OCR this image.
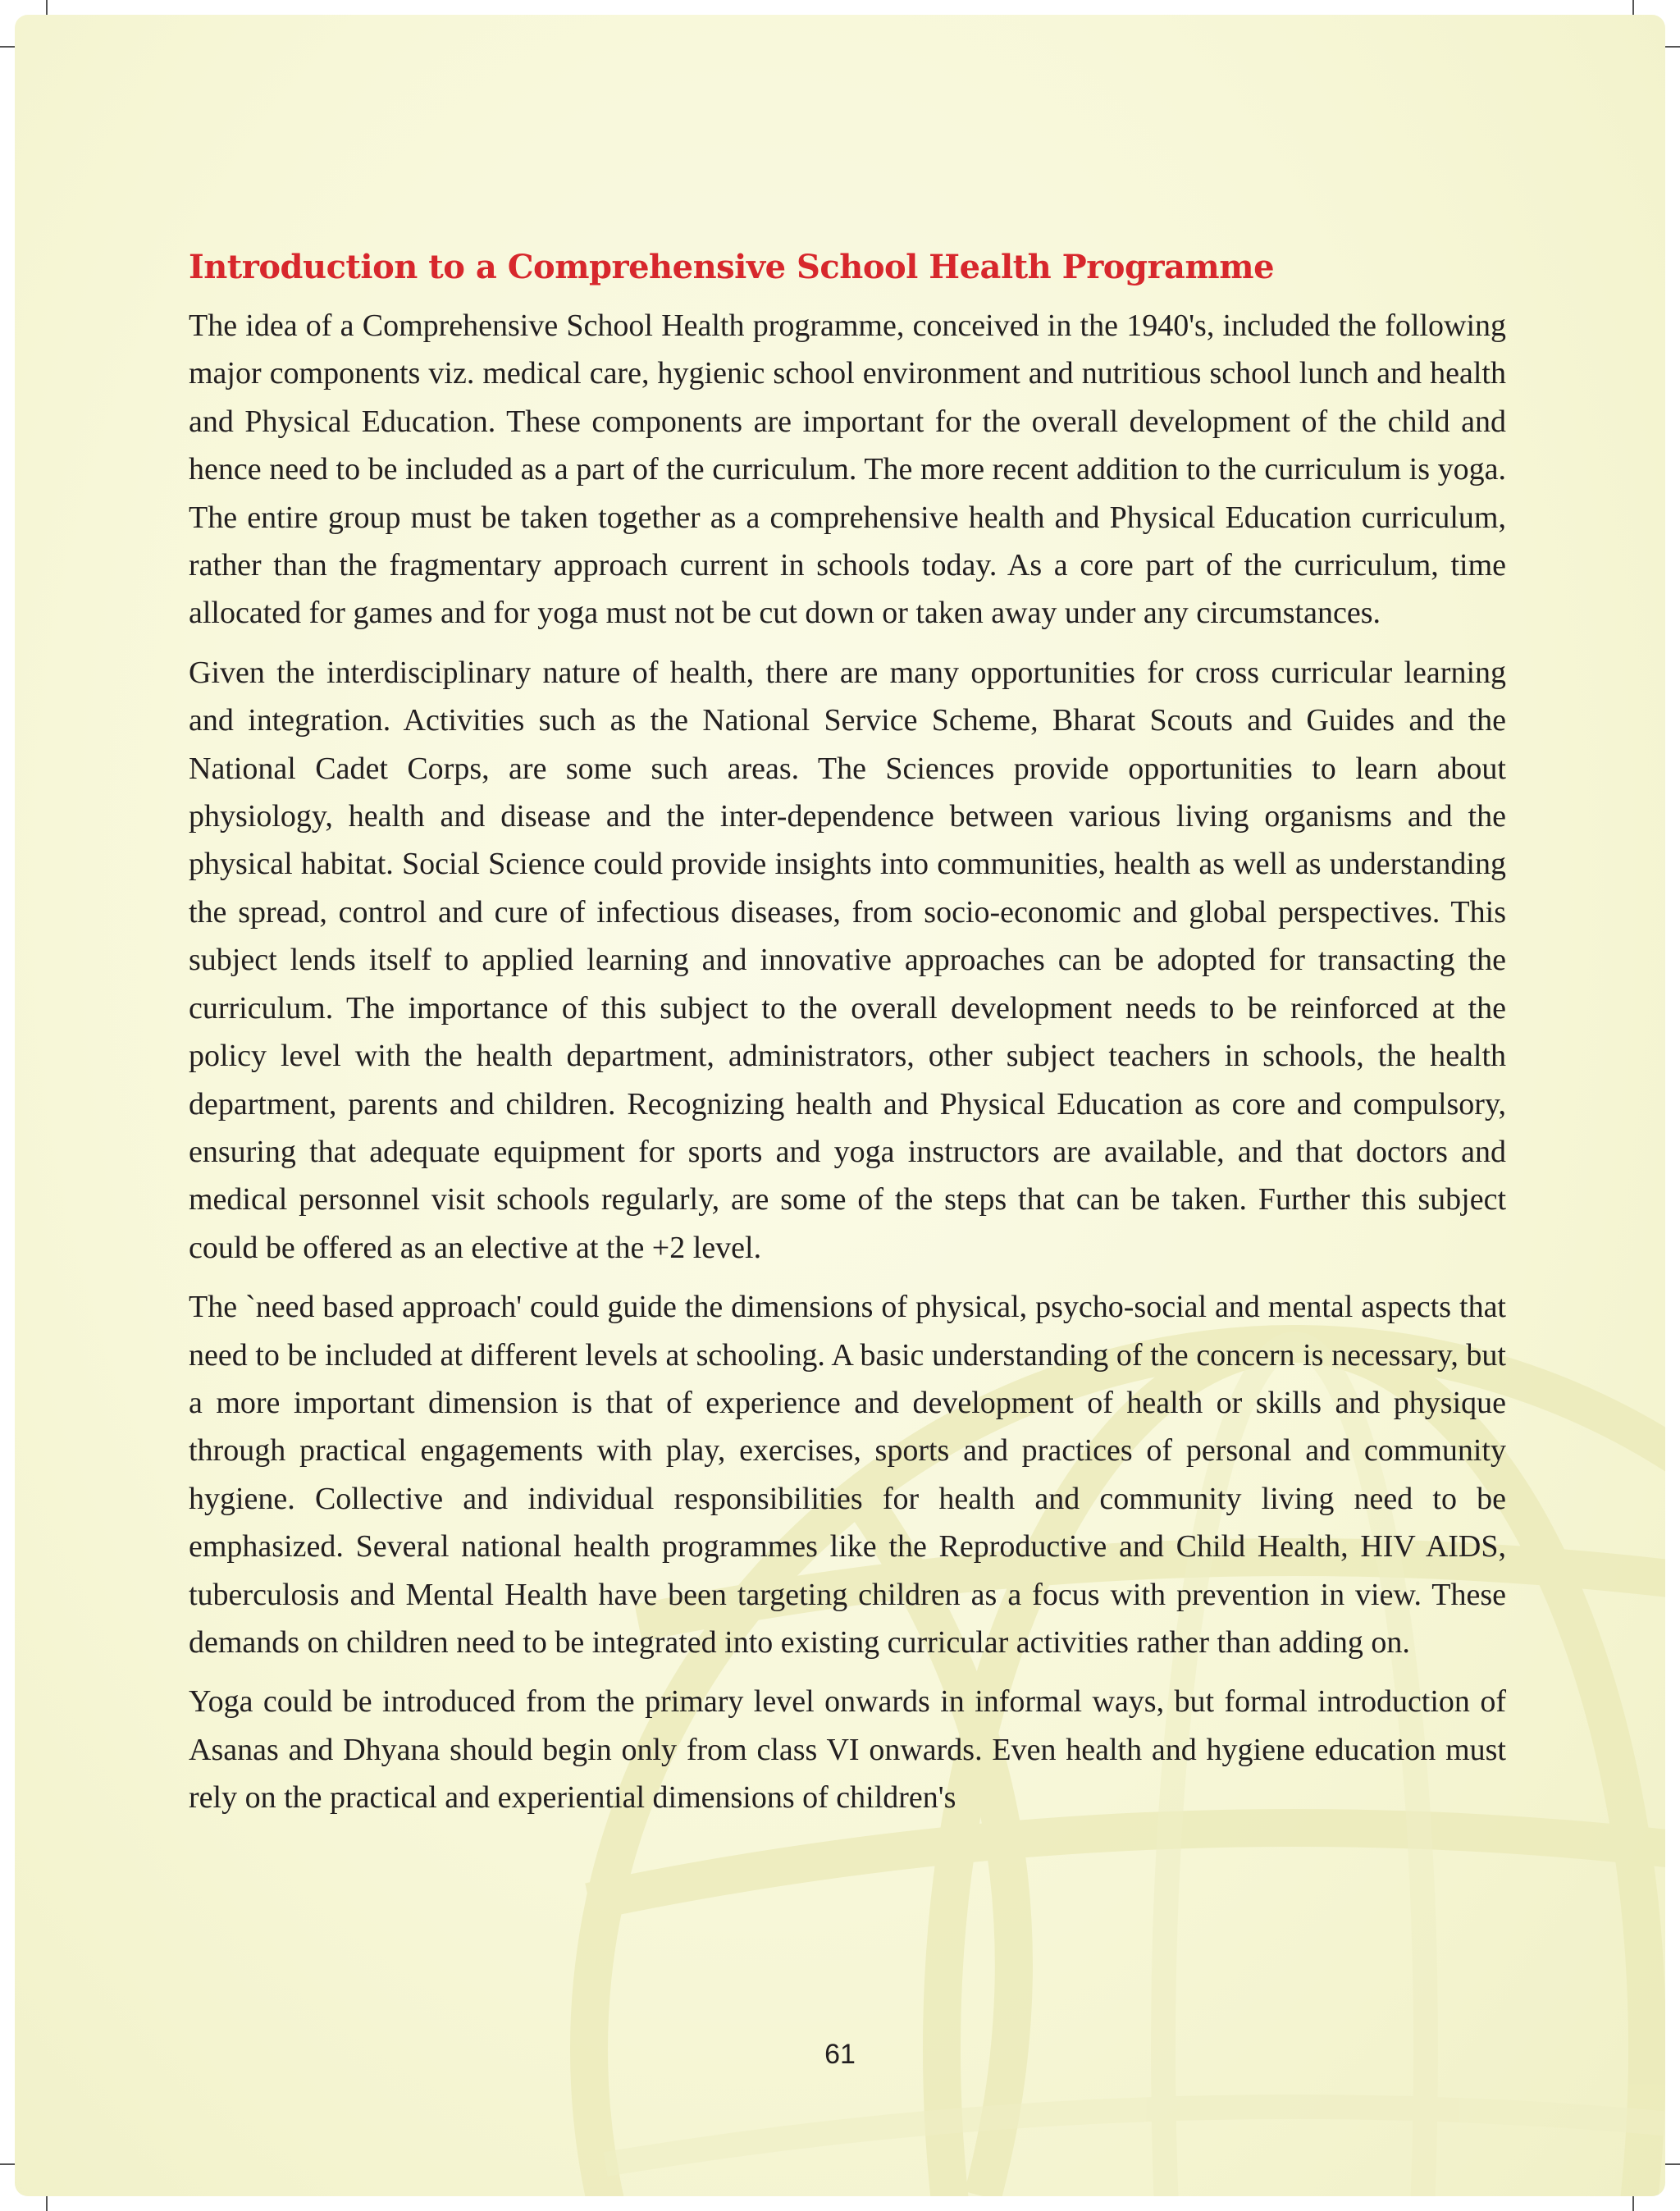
Introduction to a Comprehensive School Health Programme

The idea of a Comprehensive School Health programme, conceived in the 1940's, included the following major components viz. medical care, hygienic school environment and nutritious school lunch and health and Physical Education. These components are important for the overall development of the child and hence need to be included as a part of the curriculum. The more recent addition to the curriculum is yoga. The entire group must be taken together as a comprehensive health and Physical Education curriculum, rather than the fragmentary approach current in schools today. As a core part of the curriculum, time allocated for games and for yoga must not be cut down or taken away under any circumstances.

Given the interdisciplinary nature of health, there are many opportunities for cross curricular learning and integration. Activities such as the National Service Scheme, Bharat Scouts and Guides and the National Cadet Corps, are some such areas. The Sciences provide opportunities to learn about physiology, health and disease and the inter-dependence between various living organisms and the physical habitat. Social Science could provide insights into communities, health as well as understanding the spread, control and cure of infectious diseases, from socio-economic and global perspectives. This subject lends itself to applied learning and innovative approaches can be adopted for transacting the curriculum. The importance of this subject to the overall development needs to be reinforced at the policy level with the health department, administrators, other subject teachers in schools, the health department, parents and children. Recognizing health and Physical Education as core and compulsory, ensuring that adequate equipment for sports and yoga instructors are available, and that doctors and medical personnel visit schools regularly, are some of the steps that can be taken. Further this subject could be offered as an elective at the +2 level.

The `need based approach' could guide the dimensions of physical, psycho-social and mental aspects that need to be included at different levels at schooling. A basic understanding of the concern is necessary, but a more important dimension is that of experience and development of health or skills and physique through practical engagements with play, exercises, sports and practices of personal and community hygiene. Collective and individual responsibilities for health and community living need to be emphasized. Several national health programmes like the Reproductive and Child Health, HIV AIDS, tuberculosis and Mental Health have been targeting children as a focus with prevention in view. These demands on children need to be integrated into existing curricular activities rather than adding on.

Yoga could be introduced from the primary level onwards in informal ways, but formal introduction of Asanas and Dhyana should begin only from class VI onwards. Even health and hygiene education must rely on the practical and experiential dimensions of children's

61
